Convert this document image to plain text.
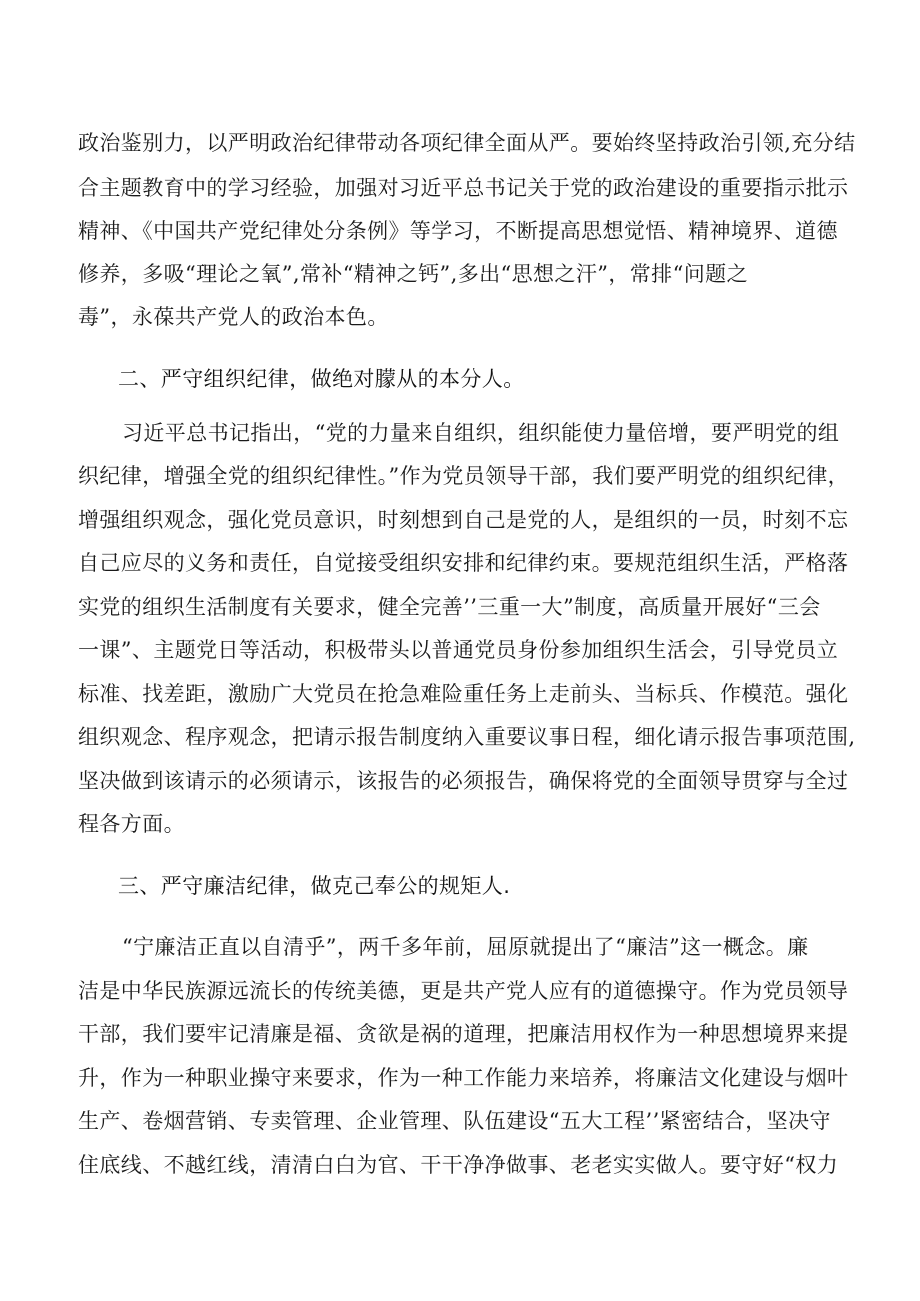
政治鉴别力，以严明政治纪律带动各项纪律全面从严。要始终坚持政治引领,充分结
合主题教育中的学习经验，加强对习近平总书记关于党的政治建设的重要指示批示
精神、《中国共产党纪律处分条例》等学习，不断提高思想觉悟、精神境界、道德
修养，多吸“理论之氧”,常补“精神之钙”,多出“思想之汗”，常排“问题之
毒”，永葆共产党人的政治本色。
二、严守组织纪律，做绝对朦从的本分人。
习近平总书记指出，“党的力量来自组织，组织能使力量倍增，要严明党的组
织纪律，增强全党的组织纪律性。”作为党员领导干部，我们要严明党的组织纪律，
增强组织观念，强化党员意识，时刻想到自己是党的人，是组织的一员，时刻不忘
自己应尽的义务和责任，自觉接受组织安排和纪律约束。要规范组织生活，严格落
实党的组织生活制度有关要求，健全完善’’三重一大”制度，高质量开展好“三会
一课”、主题党日等活动，积极带头以普通党员身份参加组织生活会，引导党员立
标准、找差距，激励广大党员在抢急难险重任务上走前头、当标兵、作模范。强化
组织观念、程序观念，把请示报告制度纳入重要议事日程，细化请示报告事项范围,
坚决做到该请示的必须请示，该报告的必须报告，确保将党的全面领导贯穿与全过
程各方面。
三、严守廉洁纪律，做克己奉公的规矩人.
“宁廉洁正直以自清乎”，两千多年前，屈原就提出了“廉洁”这一概念。廉
洁是中华民族源远流长的传统美德，更是共产党人应有的道德操守。作为党员领导
干部，我们要牢记清廉是福、贪欲是祸的道理，把廉洁用权作为一种思想境界来提
升，作为一种职业操守来要求，作为一种工作能力来培养，将廉洁文化建设与烟叶
生产、卷烟营销、专卖管理、企业管理、队伍建设“五大工程’’紧密结合，坚决守
住底线、不越红线，清清白白为官、干干净净做事、老老实实做人。要守好“权力
